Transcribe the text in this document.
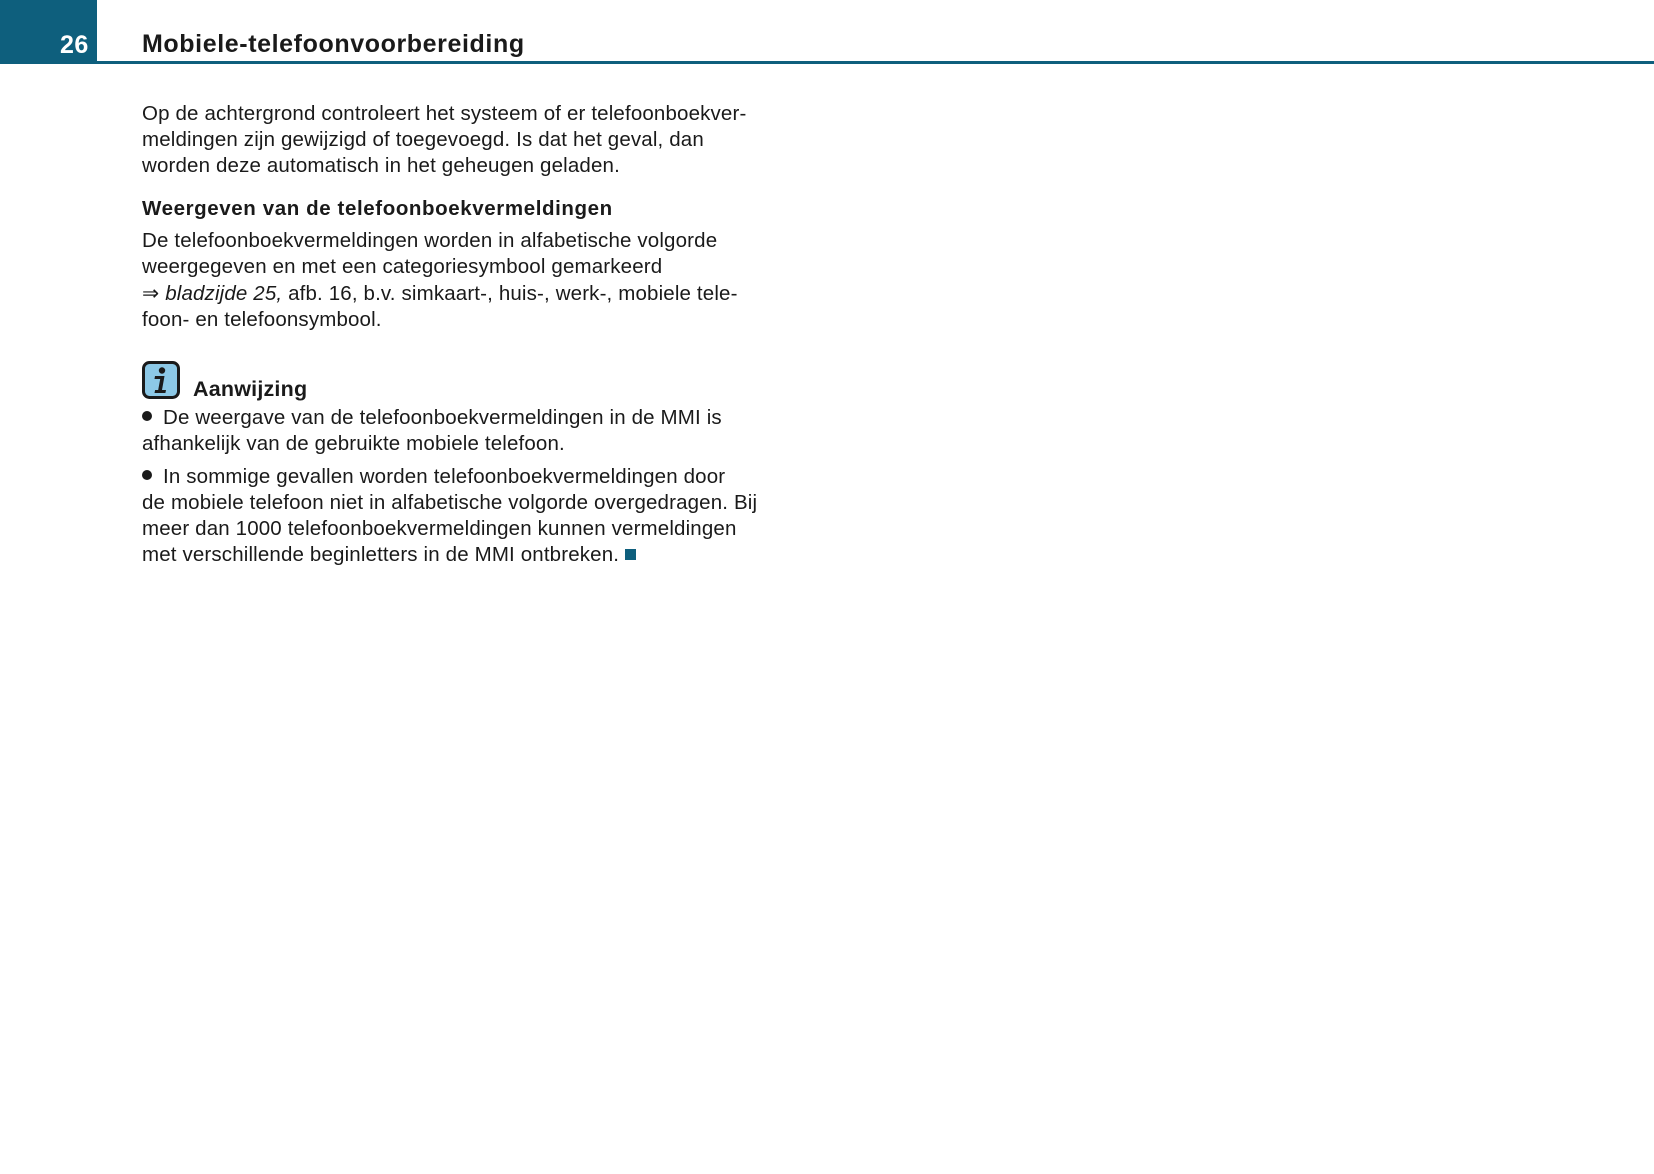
26 Mobiele-telefoonvoorbereiding
Op de achtergrond controleert het systeem of er telefoonboekver-
meldingen zijn gewijzigd of toegevoegd. Is dat het geval, dan
worden deze automatisch in het geheugen geladen.
Weergeven van de telefoonboekvermeldingen
De telefoonboekvermeldingen worden in alfabetische volgorde
weergegeven en met een categoriesymbool gemarkeerd
⇒ bladzijde 25, afb. 16, b.v. simkaart-, huis-, werk-, mobiele tele-
foon- en telefoonsymbool.
Aanwijzing
De weergave van de telefoonboekvermeldingen in de MMI is
afhankelijk van de gebruikte mobiele telefoon.
In sommige gevallen worden telefoonboekvermeldingen door
de mobiele telefoon niet in alfabetische volgorde overgedragen. Bij
meer dan 1000 telefoonboekvermeldingen kunnen vermeldingen
met verschillende beginletters in de MMI ontbreken.
